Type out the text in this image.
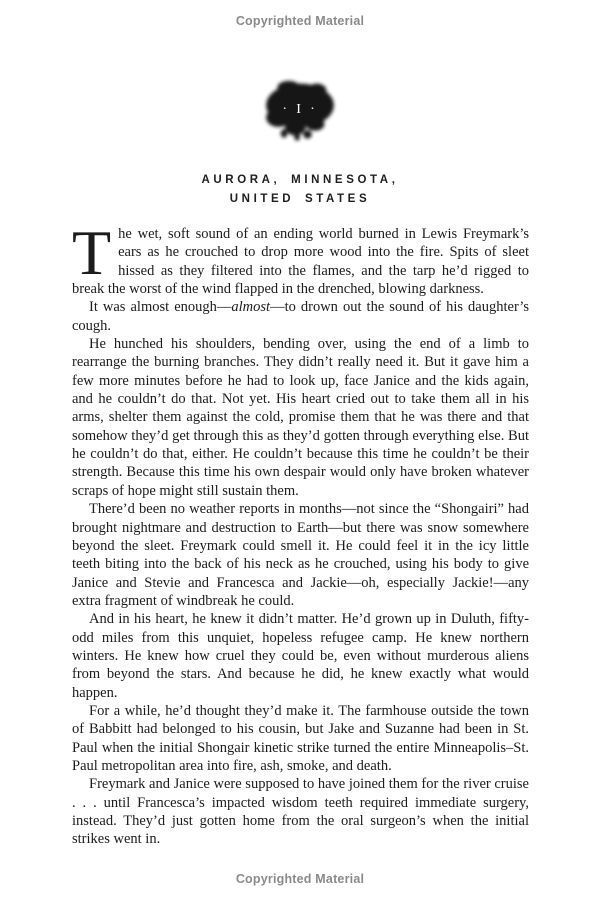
Copyrighted Material
· I ·
AURORA, MINNESOTA,
UNITED STATES

The wet, soft sound of an ending world burned in Lewis Freymark’s ears as he crouched to drop more wood into the fire. Spits of sleet hissed as they filtered into the flames, and the tarp he’d rigged to break the worst of the wind flapped in the drenched, blowing darkness.

It was almost enough—almost—to drown out the sound of his daughter’s cough.

He hunched his shoulders, bending over, using the end of a limb to rearrange the burning branches. They didn’t really need it. But it gave him a few more minutes before he had to look up, face Janice and the kids again, and he couldn’t do that. Not yet. His heart cried out to take them all in his arms, shelter them against the cold, promise them that he was there and that somehow they’d get through this as they’d gotten through everything else. But he couldn’t do that, either. He couldn’t because this time he couldn’t be their strength. Because this time his own despair would only have broken whatever scraps of hope might still sustain them.

There’d been no weather reports in months—not since the “Shongairi” had brought nightmare and destruction to Earth—but there was snow somewhere beyond the sleet. Freymark could smell it. He could feel it in the icy little teeth biting into the back of his neck as he crouched, using his body to give Janice and Stevie and Francesca and Jackie—oh, especially Jackie!—any extra fragment of windbreak he could.

And in his heart, he knew it didn’t matter. He’d grown up in Duluth, fifty-odd miles from this unquiet, hopeless refugee camp. He knew northern winters. He knew how cruel they could be, even without murderous aliens from beyond the stars. And because he did, he knew exactly what would happen.

For a while, he’d thought they’d make it. The farmhouse outside the town of Babbitt had belonged to his cousin, but Jake and Suzanne had been in St. Paul when the initial Shongair kinetic strike turned the entire Minneapolis–St. Paul metropolitan area into fire, ash, smoke, and death.

Freymark and Janice were supposed to have joined them for the river cruise . . . until Francesca’s impacted wisdom teeth required immediate surgery, instead. They’d just gotten home from the oral surgeon’s when the initial strikes went in.

Copyrighted Material
